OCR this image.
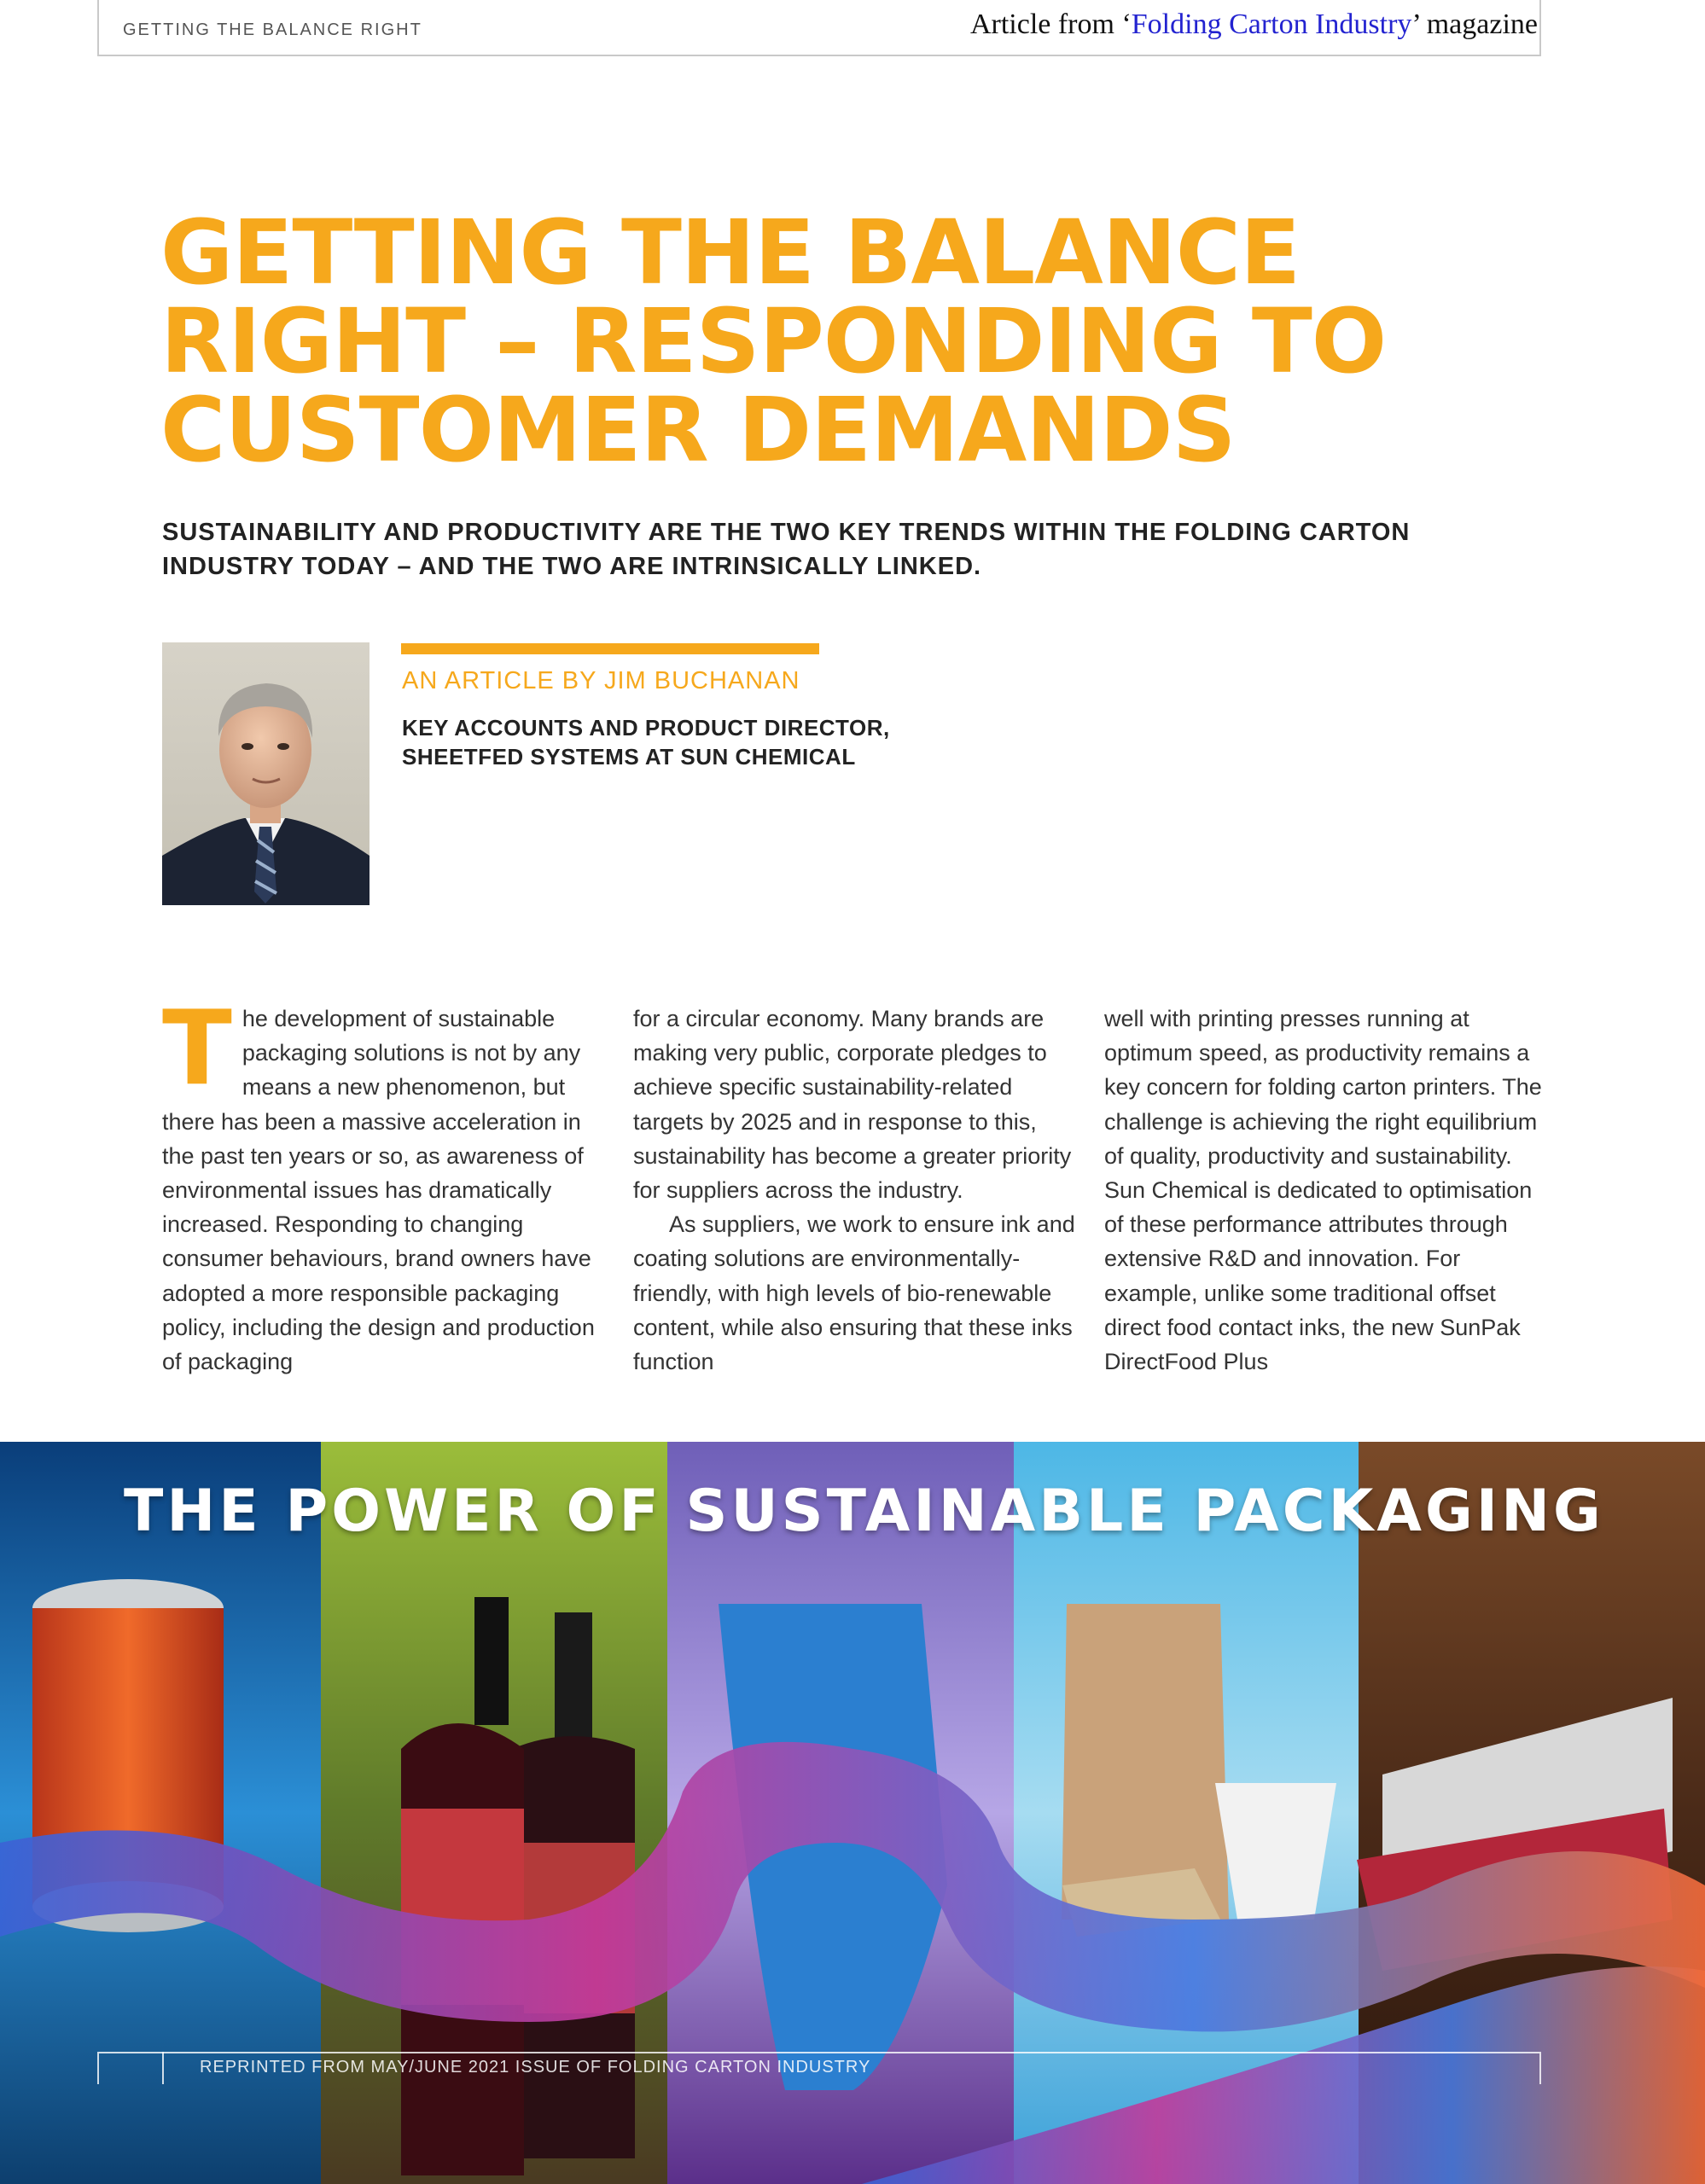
GETTING THE BALANCE RIGHT	Article from ‘Folding Carton Industry’ magazine
GETTING THE BALANCE
RIGHT – RESPONDING TO
CUSTOMER DEMANDS
SUSTAINABILITY AND PRODUCTIVITY ARE THE TWO KEY TRENDS WITHIN THE FOLDING CARTON
INDUSTRY TODAY – AND THE TWO ARE INTRINSICALLY LINKED.
AN ARTICLE BY JIM BUCHANAN
KEY ACCOUNTS AND PRODUCT DIRECTOR,
SHEETFED SYSTEMS AT SUN CHEMICAL
T he development of sustainable packaging solutions is not by any means a new phenomenon, but there has been a massive acceleration in the past ten years or so, as awareness of environmental issues has dramatically increased. Responding to changing consumer behaviours, brand owners have adopted a more responsible packaging policy, including the design and production of packaging

for a circular economy. Many brands are making very public, corporate pledges to achieve specific sustainability-related targets by 2025 and in response to this, sustainability has become a greater priority for suppliers across the industry.

As suppliers, we work to ensure ink and coating solutions are environmentally-friendly, with high levels of bio-renewable content, while also ensuring that these inks function

well with printing presses running at optimum speed, as productivity remains a key concern for folding carton printers. The challenge is achieving the right equilibrium of quality, productivity and sustainability. Sun Chemical is dedicated to optimisation of these performance attributes through extensive R&D and innovation. For example, unlike some traditional offset direct food contact inks, the new SunPak DirectFood Plus

THE POWER OF SUSTAINABLE PACKAGING
REPRINTED FROM MAY/JUNE 2021 ISSUE OF FOLDING CARTON INDUSTRY
